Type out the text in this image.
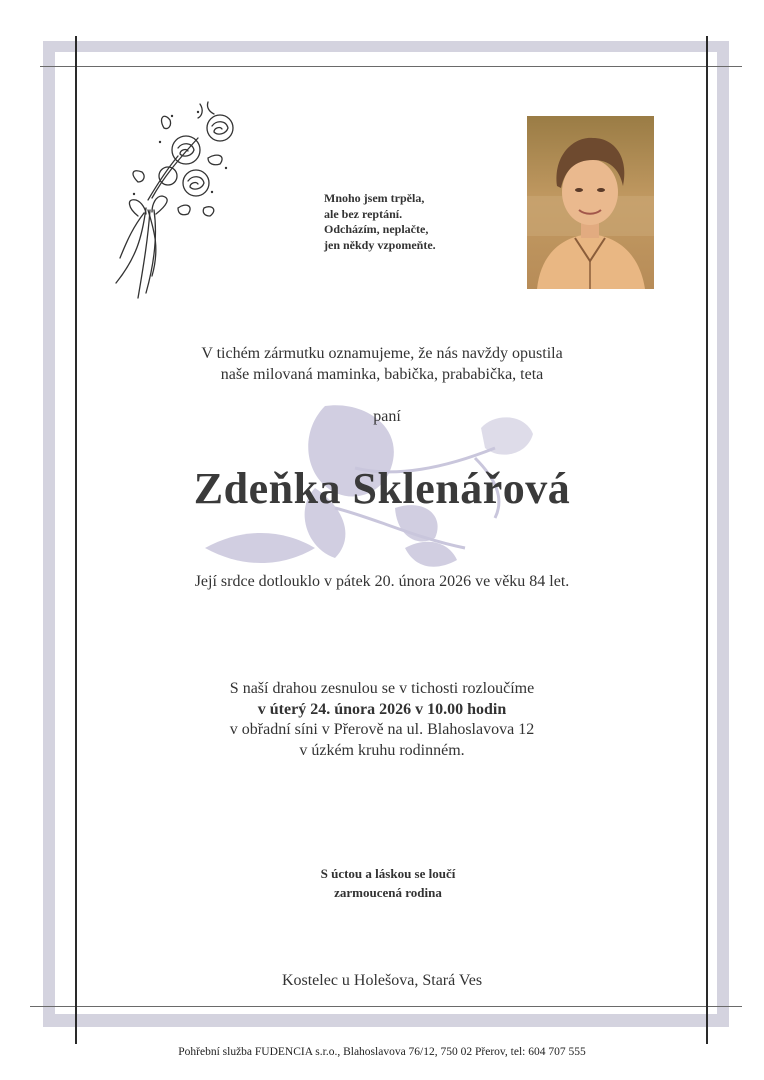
Mnoho jsem trpěla,
ale bez reptání.
Odcházím, neplačte,
jen někdy vzpomeňte.
V tichém zármutku oznamujeme, že nás navždy opustila
naše milovaná maminka, babička, prababička, teta
paní
Zdeňka Sklenářová
Její srdce dotlouklo v pátek 20. února 2026 ve věku 84 let.
S naší drahou zesnulou se v tichosti rozloučíme
v úterý 24. února 2026 v 10.00 hodin
v obřadní síni v Přerově na ul. Blahoslavova 12
v úzkém kruhu rodinném.
S úctou a láskou se loučí
zarmoucená rodina
Kostelec u Holešova, Stará Ves
Pohřební služba FUDENCIA s.r.o., Blahoslavova 76/12, 750 02 Přerov, tel: 604 707 555
